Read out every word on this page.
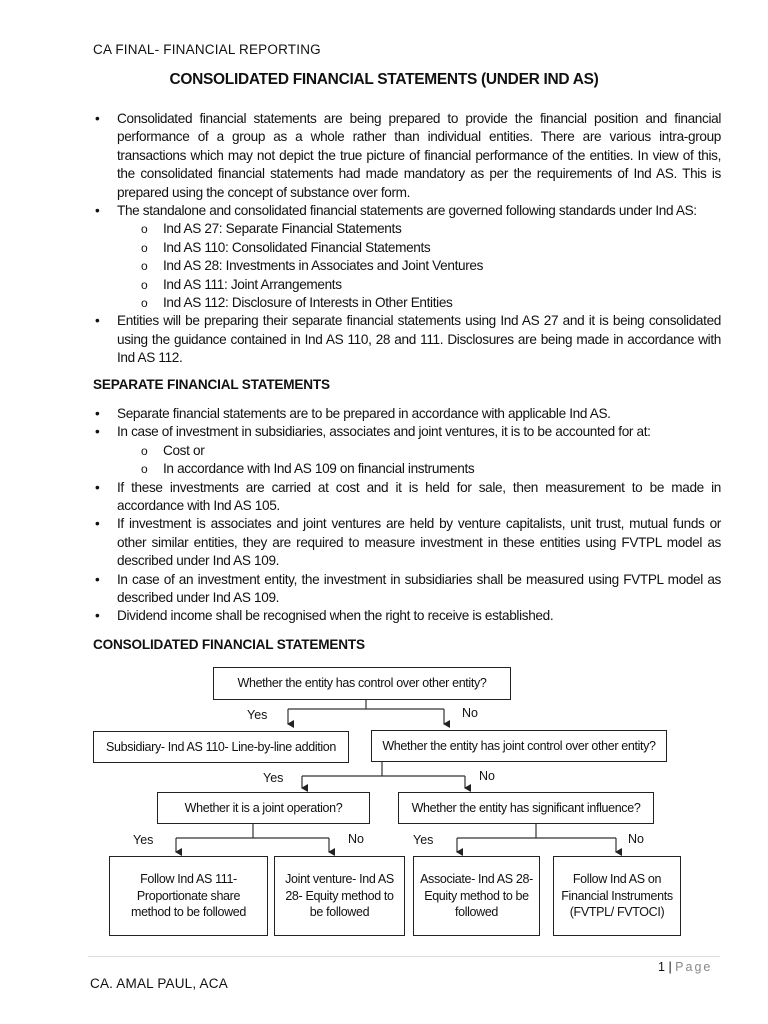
CA FINAL- FINANCIAL REPORTING
CONSOLIDATED FINANCIAL STATEMENTS (UNDER IND AS)
• Consolidated financial statements are being prepared to provide the financial position and financial performance of a group as a whole rather than individual entities. There are various intra-group transactions which may not depict the true picture of financial performance of the entities. In view of this, the consolidated financial statements had made mandatory as per the requirements of Ind AS. This is prepared using the concept of substance over form.
• The standalone and consolidated financial statements are governed following standards under Ind AS:
o Ind AS 27: Separate Financial Statements
o Ind AS 110: Consolidated Financial Statements
o Ind AS 28: Investments in Associates and Joint Ventures
o Ind AS 111: Joint Arrangements
o Ind AS 112: Disclosure of Interests in Other Entities
• Entities will be preparing their separate financial statements using Ind AS 27 and it is being consolidated using the guidance contained in Ind AS 110, 28 and 111. Disclosures are being made in accordance with Ind AS 112.
SEPARATE FINANCIAL STATEMENTS
• Separate financial statements are to be prepared in accordance with applicable Ind AS.
• In case of investment in subsidiaries, associates and joint ventures, it is to be accounted for at:
o Cost or
o In accordance with Ind AS 109 on financial instruments
• If these investments are carried at cost and it is held for sale, then measurement to be made in accordance with Ind AS 105.
• If investment is associates and joint ventures are held by venture capitalists, unit trust, mutual funds or other similar entities, they are required to measure investment in these entities using FVTPL model as described under Ind AS 109.
• In case of an investment entity, the investment in subsidiaries shall be measured using FVTPL model as described under Ind AS 109.
• Dividend income shall be recognised when the right to receive is established.
CONSOLIDATED FINANCIAL STATEMENTS
Whether the entity has control over other entity?
Subsidiary- Ind AS 110- Line-by-line addition	Whether the entity has joint control over other entity?
Whether it is a joint operation?	Whether the entity has significant influence?
Follow Ind AS 111- Proportionate share method to be followed
Joint venture- Ind AS 28- Equity method to be followed
Associate- Ind AS 28- Equity method to be followed
Follow Ind AS on Financial Instruments (FVTPL/ FVTOCI)
Yes	No
Yes	No
Yes	No	Yes	No
1 | Page
CA. AMAL PAUL, ACA
